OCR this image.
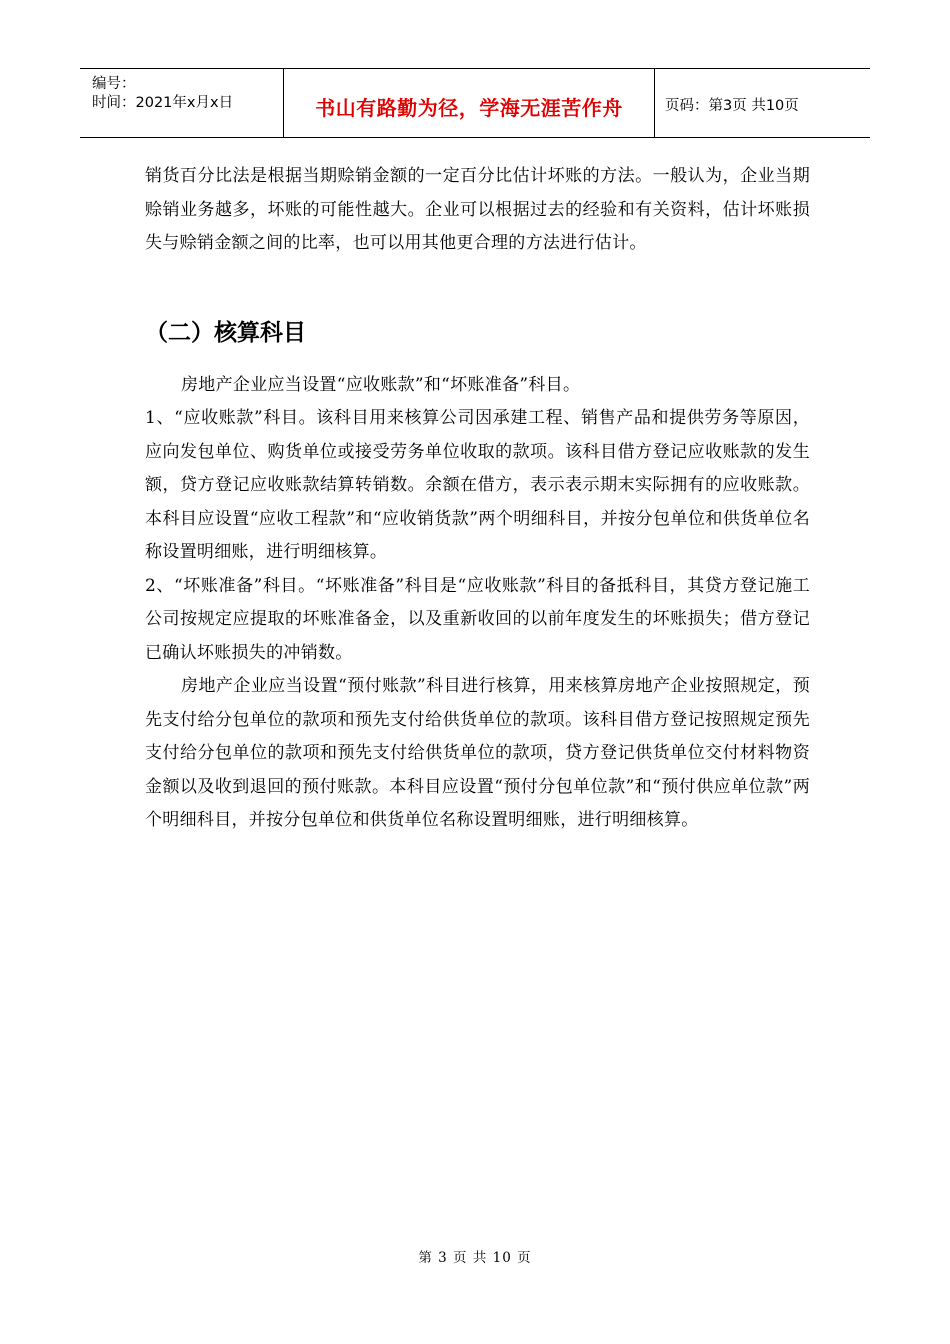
编号：
时间：2021年x月x日	书山有路勤为径，学海无涯苦作舟	页码：第3页 共10页

销货百分比法是根据当期赊销金额的一定百分比估计坏账的方法。一般认为，企业当期赊销业务越多，坏账的可能性越大。企业可以根据过去的经验和有关资料，估计坏账损失与赊销金额之间的比率，也可以用其他更合理的方法进行估计。

（二）核算科目

房地产企业应当设置“应收账款”和“坏账准备”科目。

1、“应收账款”科目。该科目用来核算公司因承建工程、销售产品和提供劳务等原因，应向发包单位、购货单位或接受劳务单位收取的款项。该科目借方登记应收账款的发生额，贷方登记应收账款结算转销数。余额在借方，表示表示期末实际拥有的应收账款。本科目应设置“应收工程款”和“应收销货款”两个明细科目，并按分包单位和供货单位名称设置明细账，进行明细核算。

2、“坏账准备”科目。“坏账准备”科目是“应收账款”科目的备抵科目，其贷方登记施工公司按规定应提取的坏账准备金，以及重新收回的以前年度发生的坏账损失；借方登记已确认坏账损失的冲销数。

房地产企业应当设置“预付账款”科目进行核算，用来核算房地产企业按照规定，预先支付给分包单位的款项和预先支付给供货单位的款项。该科目借方登记按照规定预先支付给分包单位的款项和预先支付给供货单位的款项，贷方登记供货单位交付材料物资金额以及收到退回的预付账款。本科目应设置“预付分包单位款”和“预付供应单位款”两个明细科目，并按分包单位和供货单位名称设置明细账，进行明细核算。

第 3 页 共 10 页
